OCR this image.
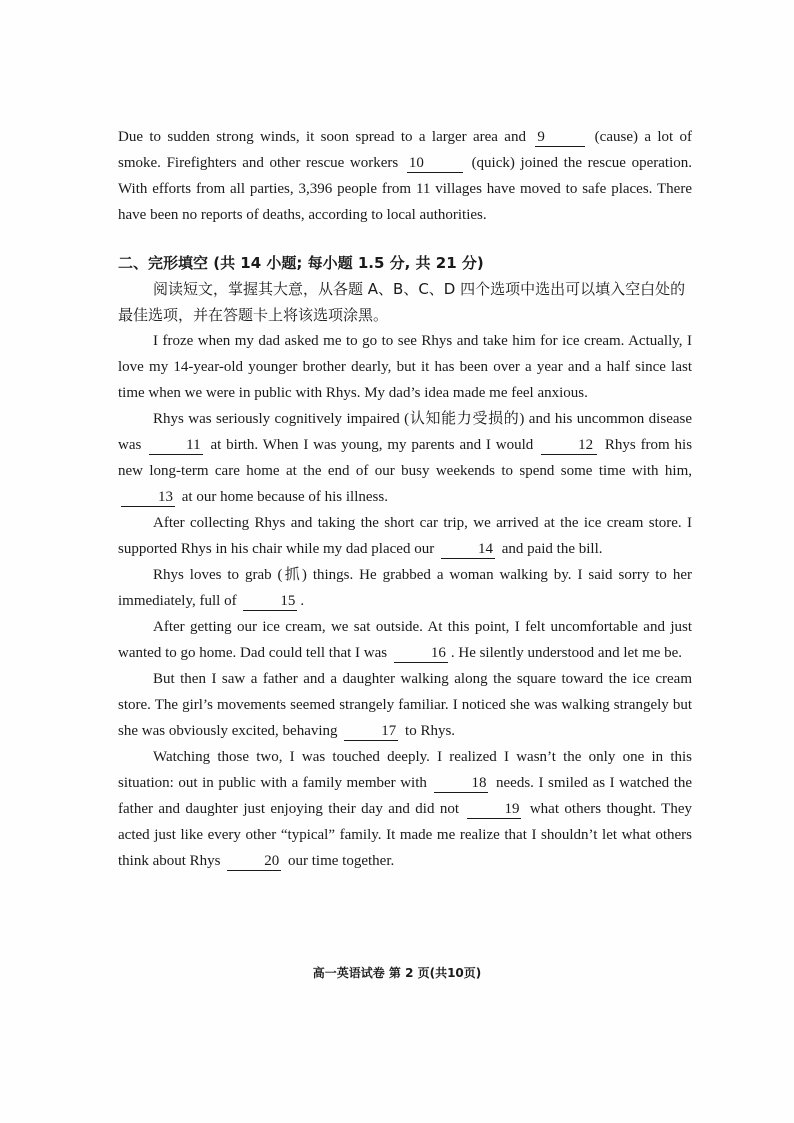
Due to sudden strong winds, it soon spread to a larger area and 9	(cause) a lot of smoke. Firefighters and other rescue workers 10	(quick) joined the rescue operation. With efforts from all parties, 3,396 people from 11 villages have moved to safe places. There have been no reports of deaths, according to local authorities.

二、完形填空 (共 14 小题; 每小题 1.5 分, 共 21 分)

阅读短文，掌握其大意，从各题 A、B、C、D 四个选项中选出可以填入空白处的最佳选项，并在答题卡上将该选项涂黑。

I froze when my dad asked me to go to see Rhys and take him for ice cream. Actually, I love my 14-year-old younger brother dearly, but it has been over a year and a half since last time when we were in public with Rhys. My dad’s idea made me feel anxious.

Rhys was seriously cognitively impaired (认知能力受损的) and his uncommon disease was	11 at birth. When I was young, my parents and I would	12 Rhys from his new long-term care home at the end of our busy weekends to spend some time with him, 13 at our home because of his illness.

After collecting Rhys and taking the short car trip, we arrived at the ice cream store. I supported Rhys in his chair while my dad placed our	14 and paid the bill.

Rhys loves to grab (抓) things. He grabbed a woman walking by. I said sorry to her immediately, full of	15 .

After getting our ice cream, we sat outside. At this point, I felt uncomfortable and just wanted to go home. Dad could tell that I was	16 . He silently understood and let me be.

But then I saw a father and a daughter walking along the square toward the ice cream store. The girl’s movements seemed strangely familiar. I noticed she was walking strangely but she was obviously excited, behaving	17 to Rhys.

Watching those two, I was touched deeply. I realized I wasn’t the only one in this situation: out in public with a family member with	18 needs. I smiled as I watched the father and daughter just enjoying their day and did not	19 what others thought. They acted just like every other “typical” family. It made me realize that I shouldn’t let what others think about Rhys	20 our time together.

高一英语试卷 第 2 页(共10页)
